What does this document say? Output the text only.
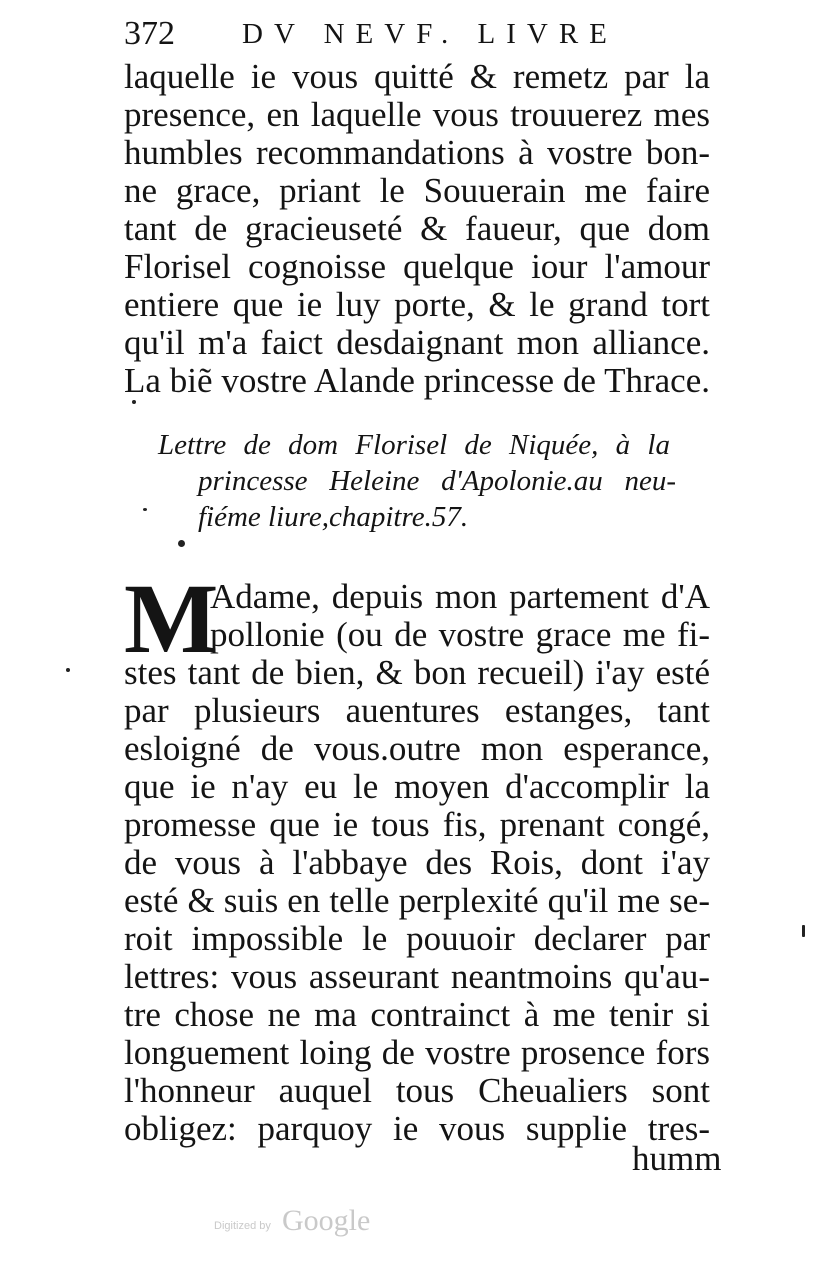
372 DV NEVF. LIVRE
laquelle ie vous quitté & remetz par la
presence, en laquelle vous trouuerez mes
humbles recommandations à vostre bon-
ne grace, priant le Souuerain me faire
tant de gracieuseté & faueur, que dom
Florisel cognoisse quelque iour l'amour
entiere que ie luy porte, & le grand tort
qu'il m'a faict desdaignant mon alliance.
La biẽ vostre Alande princesse de Thrace.
Lettre de dom Florisel de Niquée, à la
princesse Heleine d'Apolonie.au neu-
fiéme liure,chapitre.57.
M
Adame, depuis mon partement d'A
pollonie (ou de vostre grace me fi-
stes tant de bien, & bon recueil) i'ay esté
par plusieurs auentures estanges, tant
esloigné de vous.outre mon esperance,
que ie n'ay eu le moyen d'accomplir la
promesse que ie tous fis, prenant congé,
de vous à l'abbaye des Rois, dont i'ay
esté & suis en telle perplexité qu'il me se-
roit impossible le pouuoir declarer par
lettres: vous asseurant neantmoins qu'au-
tre chose ne ma contrainct à me tenir si
longuement loing de vostre prosence fors
l'honneur auquel tous Cheualiers sont
obligez: parquoy ie vous supplie tres-
humm
Digitized by Google
